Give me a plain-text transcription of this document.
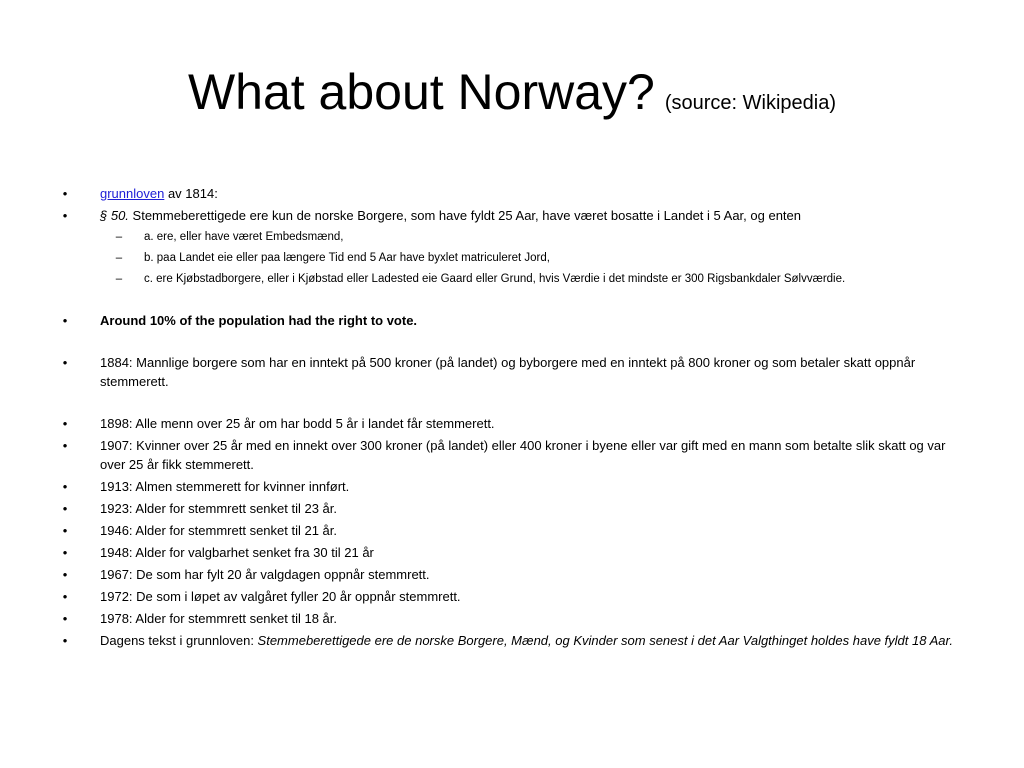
What about Norway? (source: Wikipedia)
•	grunnloven av 1814:
•	§ 50. Stemmeberettigede ere kun de norske Borgere, som have fyldt 25 Aar, have været bosatte i Landet i 5 Aar, og enten
–	a. ere, eller have været Embedsmænd,
–	b. paa Landet eie eller paa længere Tid end 5 Aar have byxlet matriculeret Jord,
–	c. ere Kjøbstadborgere, eller i Kjøbstad eller Ladested eie Gaard eller Grund, hvis Værdie i det mindste er 300 Rigsbankdaler Sølvværdie.
•	Around 10% of the population had the right to vote.
•	1884: Mannlige borgere som har en inntekt på 500 kroner (på landet) og byborgere med en inntekt på 800 kroner og som betaler skatt oppnår stemmerett.
•	1898: Alle menn over 25 år om har bodd 5 år i landet får stemmerett.
•	1907: Kvinner over 25 år med en innekt over 300 kroner (på landet) eller 400 kroner i byene eller var gift med en mann som betalte slik skatt og var over 25 år fikk stemmerett.
•	1913: Almen stemmerett for kvinner innført.
•	1923: Alder for stemmrett senket til 23 år.
•	1946: Alder for stemmrett senket til 21 år.
•	1948: Alder for valgbarhet senket fra 30 til 21 år
•	1967: De som har fylt 20 år valgdagen oppnår stemmrett.
•	1972: De som i løpet av valgåret fyller 20 år oppnår stemmrett.
•	1978: Alder for stemmrett senket til 18 år.
•	Dagens tekst i grunnloven: Stemmeberettigede ere de norske Borgere, Mænd, og Kvinder som senest i det Aar Valgthinget holdes have fyldt 18 Aar.
